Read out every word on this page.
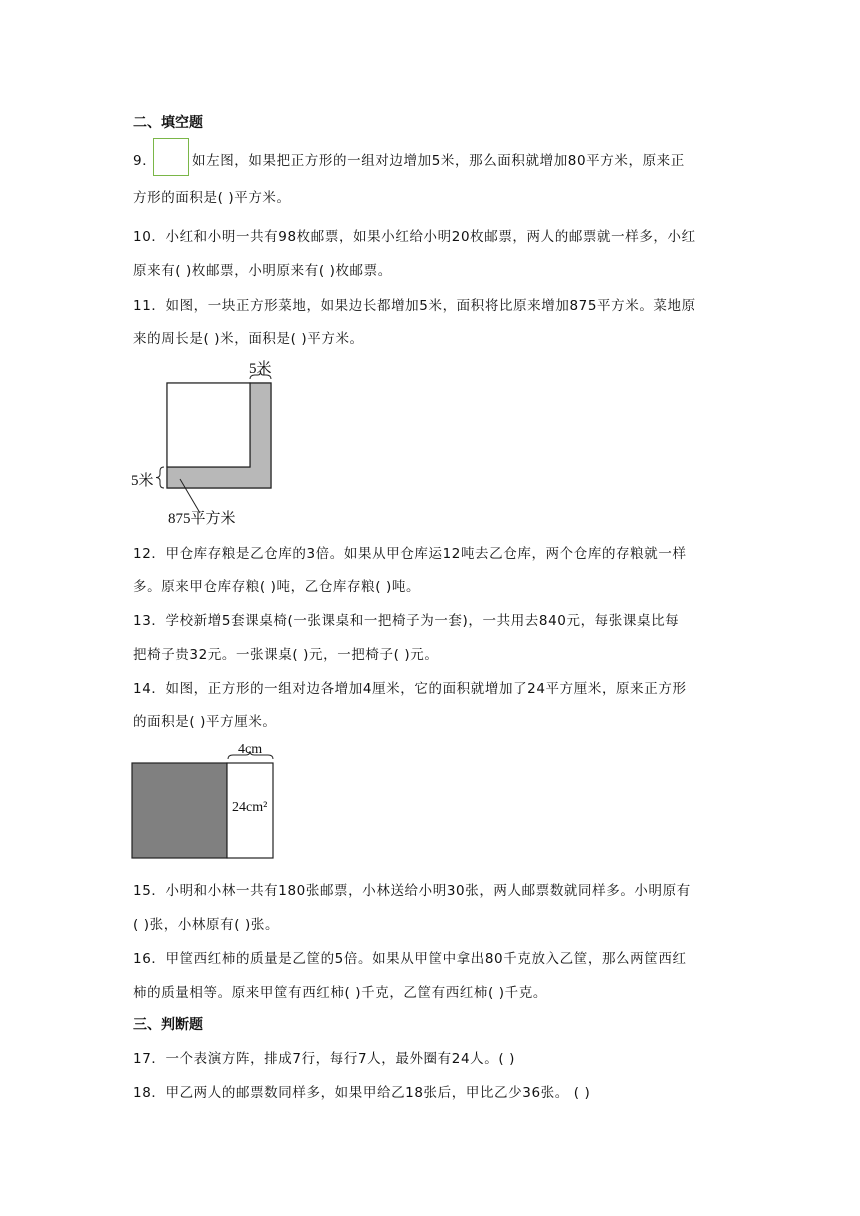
二、填空题
9．	如左图，如果把正方形的一组对边增加5米，那么面积就增加80平方米，原来正
方形的面积是( )平方米。
10．小红和小明一共有98枚邮票，如果小红给小明20枚邮票，两人的邮票就一样多，小红
原来有( )枚邮票，小明原来有( )枚邮票。
11．如图，一块正方形菜地，如果边长都增加5米，面积将比原来增加875平方米。菜地原
来的周长是( )米，面积是( )平方米。
5米
5米
875平方米
12．甲仓库存粮是乙仓库的3倍。如果从甲仓库运12吨去乙仓库，两个仓库的存粮就一样
多。原来甲仓库存粮( )吨，乙仓库存粮( )吨。
13．学校新增5套课桌椅(一张课桌和一把椅子为一套)，一共用去840元，每张课桌比每
把椅子贵32元。一张课桌( )元，一把椅子( )元。
14．如图，正方形的一组对边各增加4厘米，它的面积就增加了24平方厘米，原来正方形
的面积是( )平方厘米。
4cm
24cm²
15．小明和小林一共有180张邮票，小林送给小明30张，两人邮票数就同样多。小明原有
( )张，小林原有( )张。
16．甲筐西红柿的质量是乙筐的5倍。如果从甲筐中拿出80千克放入乙筐，那么两筐西红
柿的质量相等。原来甲筐有西红柿( )千克，乙筐有西红柿( )千克。
三、判断题
17．一个表演方阵，排成7行，每行7人，最外圈有24人。( )
18．甲乙两人的邮票数同样多，如果甲给乙18张后，甲比乙少36张。 ( )
